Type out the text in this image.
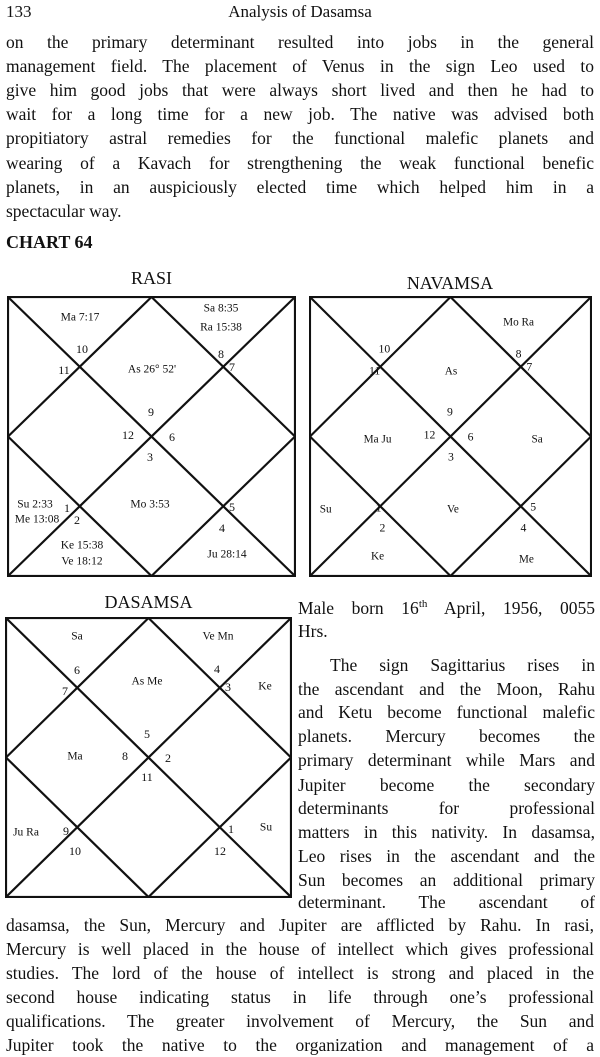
133	Analysis of Dasamsa
on the primary determinant resulted into jobs in the general
management field. The placement of Venus in the sign Leo used to
give him good jobs that were always short lived and then he had to
wait for a long time for a new job. The native was advised both
propitiatory astral remedies for the functional malefic planets and
wearing of a Kavach for strengthening the weak functional benefic
planets, in an auspiciously elected time which helped him in a
spectacular way.
CHART 64
RASI
Ma 7:17
Sa 8:35
Ra 15:38
As 26° 52'
Su 2:33
Me 13:08
Mo 3:53
Ke 15:38
Ve 18:12
Ju 28:14
10
11
8
7
9
12	6
3
1
2
5
4
NAVAMSA
Mo Ra
As
Ma Ju	Sa
Su	Ve
Ke	Me
10
11
8
7
9
12	6
3
1
2
5
4
DASAMSA
Sa	Ve Mn
As Me	Ke
Ma
Ju Ra	Su
6
7
4
3
5
8	2
11
9	1
10	12
Male born 16th April, 1956, 0055
Hrs.
The sign Sagittarius rises in
the ascendant and the Moon, Rahu
and Ketu become functional malefic
planets. Mercury becomes the
primary determinant while Mars and
Jupiter become the secondary
determinants for professional
matters in this nativity. In dasamsa,
Leo rises in the ascendant and the
Sun becomes an additional primary
determinant. The ascendant of
dasamsa, the Sun, Mercury and Jupiter are afflicted by Rahu. In rasi,
Mercury is well placed in the house of intellect which gives professional
studies. The lord of the house of intellect is strong and placed in the
second house indicating status in life through one’s professional
qualifications. The greater involvement of Mercury, the Sun and
Jupiter took the native to the organization and management of a
